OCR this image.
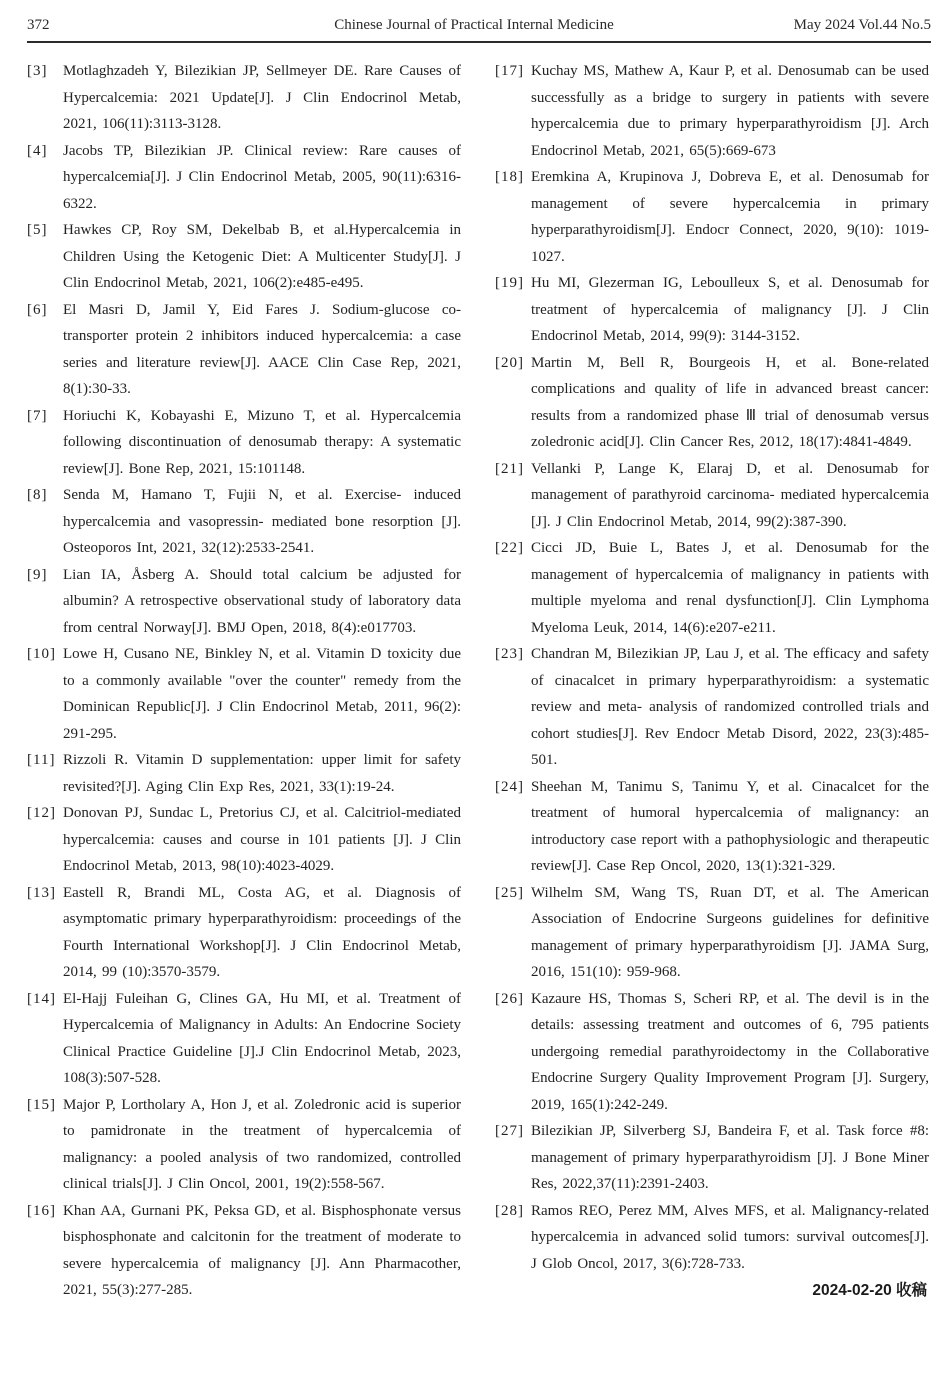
372	Chinese Journal of Practical Internal Medicine	May 2024 Vol.44 No.5
[3]	Motlaghzadeh Y, Bilezikian JP, Sellmeyer DE. Rare Causes of Hypercalcemia: 2021 Update[J]. J Clin Endocrinol Metab, 2021, 106(11):3113-3128.
[4]	Jacobs TP, Bilezikian JP. Clinical review: Rare causes of hypercalcemia[J]. J Clin Endocrinol Metab, 2005, 90(11):6316-6322.
[5]	Hawkes CP, Roy SM, Dekelbab B, et al.Hypercalcemia in Children Using the Ketogenic Diet: A Multicenter Study[J]. J Clin Endocrinol Metab, 2021, 106(2):e485-e495.
[6]	El Masri D, Jamil Y, Eid Fares J. Sodium-glucose co-transporter protein 2 inhibitors induced hypercalcemia: a case series and literature review[J]. AACE Clin Case Rep, 2021, 8(1):30-33.
[7]	Horiuchi K, Kobayashi E, Mizuno T, et al. Hypercalcemia following discontinuation of denosumab therapy: A systematic review[J]. Bone Rep, 2021, 15:101148.
[8]	Senda M, Hamano T, Fujii N, et al. Exercise- induced hypercalcemia and vasopressin- mediated bone resorption [J]. Osteoporos Int, 2021, 32(12):2533-2541.
[9]	Lian IA, Åsberg A. Should total calcium be adjusted for albumin? A retrospective observational study of laboratory data from central Norway[J]. BMJ Open, 2018, 8(4):e017703.
[10] Lowe H, Cusano NE, Binkley N, et al. Vitamin D toxicity due to a commonly available "over the counter" remedy from the Dominican Republic[J]. J Clin Endocrinol Metab, 2011, 96(2): 291-295.
[11] Rizzoli R. Vitamin D supplementation: upper limit for safety revisited?[J]. Aging Clin Exp Res, 2021, 33(1):19-24.
[12] Donovan PJ, Sundac L, Pretorius CJ, et al. Calcitriol-mediated hypercalcemia: causes and course in 101 patients [J]. J Clin Endocrinol Metab, 2013, 98(10):4023-4029.
[13] Eastell R, Brandi ML, Costa AG, et al. Diagnosis of asymptomatic primary hyperparathyroidism: proceedings of the Fourth International Workshop[J]. J Clin Endocrinol Metab, 2014, 99 (10):3570-3579.
[14] El-Hajj Fuleihan G, Clines GA, Hu MI, et al. Treatment of Hypercalcemia of Malignancy in Adults: An Endocrine Society Clinical Practice Guideline [J].J Clin Endocrinol Metab, 2023, 108(3):507-528.
[15] Major P, Lortholary A, Hon J, et al. Zoledronic acid is superior to pamidronate in the treatment of hypercalcemia of malignancy: a pooled analysis of two randomized, controlled clinical trials[J]. J Clin Oncol, 2001, 19(2):558-567.
[16] Khan AA, Gurnani PK, Peksa GD, et al. Bisphosphonate versus bisphosphonate and calcitonin for the treatment of moderate to severe hypercalcemia of malignancy [J]. Ann Pharmacother, 2021, 55(3):277-285.
[17] Kuchay MS, Mathew A, Kaur P, et al. Denosumab can be used successfully as a bridge to surgery in patients with severe hypercalcemia due to primary hyperparathyroidism [J]. Arch Endocrinol Metab, 2021, 65(5):669-673
[18] Eremkina A, Krupinova J, Dobreva E, et al. Denosumab for management of severe hypercalcemia in primary hyperparathyroidism[J]. Endocr Connect, 2020, 9(10): 1019-1027.
[19] Hu MI, Glezerman IG, Leboulleux S, et al. Denosumab for treatment of hypercalcemia of malignancy [J]. J Clin Endocrinol Metab, 2014, 99(9): 3144-3152.
[20] Martin M, Bell R, Bourgeois H, et al. Bone-related complications and quality of life in advanced breast cancer: results from a randomized phase Ⅲ trial of denosumab versus zoledronic acid[J]. Clin Cancer Res, 2012, 18(17):4841-4849.
[21] Vellanki P, Lange K, Elaraj D, et al. Denosumab for management of parathyroid carcinoma- mediated hypercalcemia [J]. J Clin Endocrinol Metab, 2014, 99(2):387-390.
[22] Cicci JD, Buie L, Bates J, et al. Denosumab for the management of hypercalcemia of malignancy in patients with multiple myeloma and renal dysfunction[J]. Clin Lymphoma Myeloma Leuk, 2014, 14(6):e207-e211.
[23] Chandran M, Bilezikian JP, Lau J, et al. The efficacy and safety of cinacalcet in primary hyperparathyroidism: a systematic review and meta- analysis of randomized controlled trials and cohort studies[J]. Rev Endocr Metab Disord, 2022, 23(3):485-501.
[24] Sheehan M, Tanimu S, Tanimu Y, et al. Cinacalcet for the treatment of humoral hypercalcemia of malignancy: an introductory case report with a pathophysiologic and therapeutic review[J]. Case Rep Oncol, 2020, 13(1):321-329.
[25] Wilhelm SM, Wang TS, Ruan DT, et al. The American Association of Endocrine Surgeons guidelines for definitive management of primary hyperparathyroidism [J]. JAMA Surg, 2016, 151(10): 959-968.
[26] Kazaure HS, Thomas S, Scheri RP, et al. The devil is in the details: assessing treatment and outcomes of 6, 795 patients undergoing remedial parathyroidectomy in the Collaborative Endocrine Surgery Quality Improvement Program [J]. Surgery, 2019, 165(1):242-249.
[27] Bilezikian JP, Silverberg SJ, Bandeira F, et al. Task force #8: management of primary hyperparathyroidism [J]. J Bone Miner Res, 2022,37(11):2391-2403.
[28] Ramos REO, Perez MM, Alves MFS, et al. Malignancy-related hypercalcemia in advanced solid tumors: survival outcomes[J]. J Glob Oncol, 2017, 3(6):728-733.
2024-02-20 收稿
